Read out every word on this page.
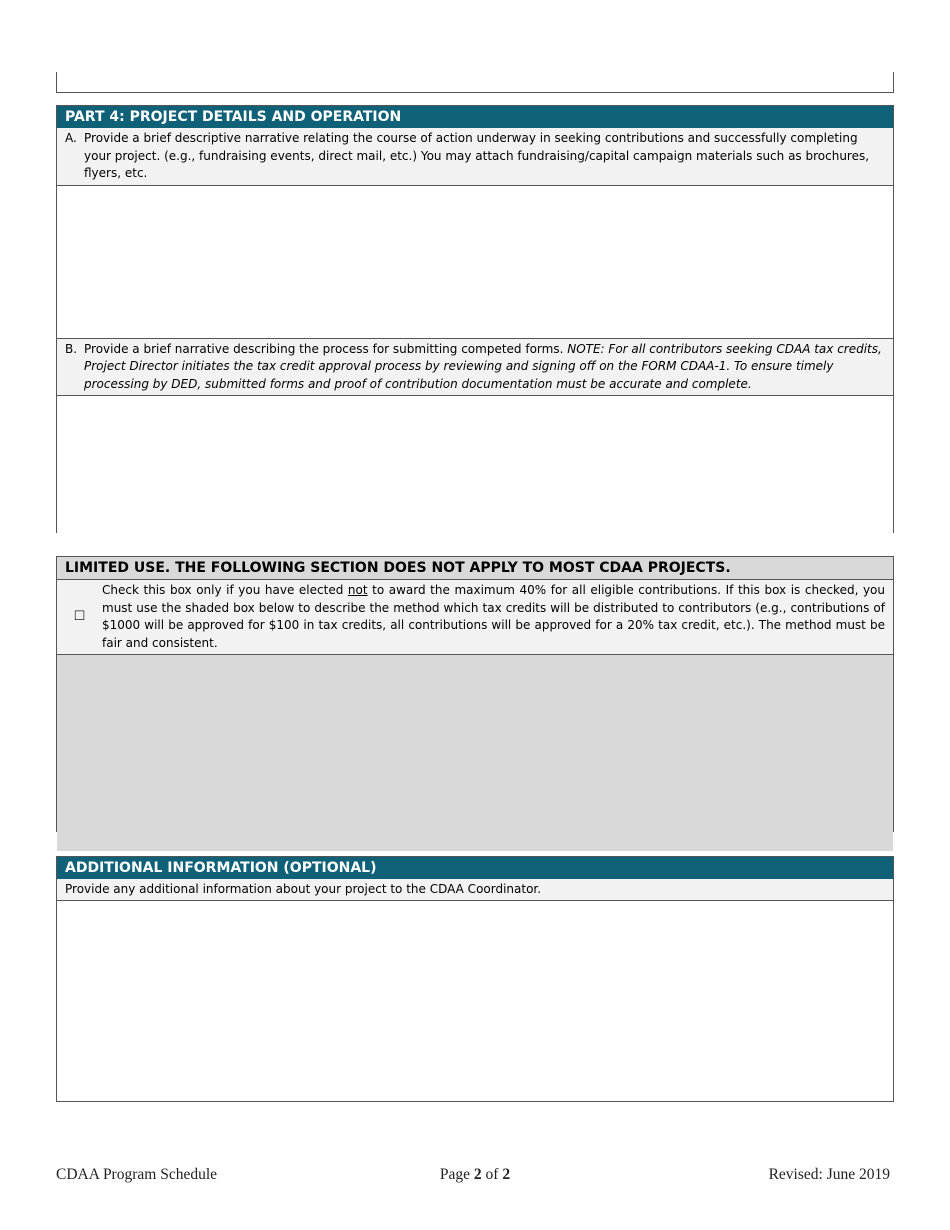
PART 4: PROJECT DETAILS AND OPERATION
A. Provide a brief descriptive narrative relating the course of action underway in seeking contributions and successfully completing your project. (e.g., fundraising events, direct mail, etc.) You may attach fundraising/capital campaign materials such as brochures, flyers, etc.
B. Provide a brief narrative describing the process for submitting competed forms. NOTE: For all contributors seeking CDAA tax credits, Project Director initiates the tax credit approval process by reviewing and signing off on the FORM CDAA-1. To ensure timely processing by DED, submitted forms and proof of contribution documentation must be accurate and complete.
LIMITED USE. THE FOLLOWING SECTION DOES NOT APPLY TO MOST CDAA PROJECTS.
☐
Check this box only if you have elected not to award the maximum 40% for all eligible contributions. If this box is checked, you must use the shaded box below to describe the method which tax credits will be distributed to contributors (e.g., contributions of $1000 will be approved for $100 in tax credits, all contributions will be approved for a 20% tax credit, etc.). The method must be fair and consistent.
ADDITIONAL INFORMATION (OPTIONAL)
Provide any additional information about your project to the CDAA Coordinator.
CDAA Program Schedule	Page 2 of 2	Revised: June 2019
